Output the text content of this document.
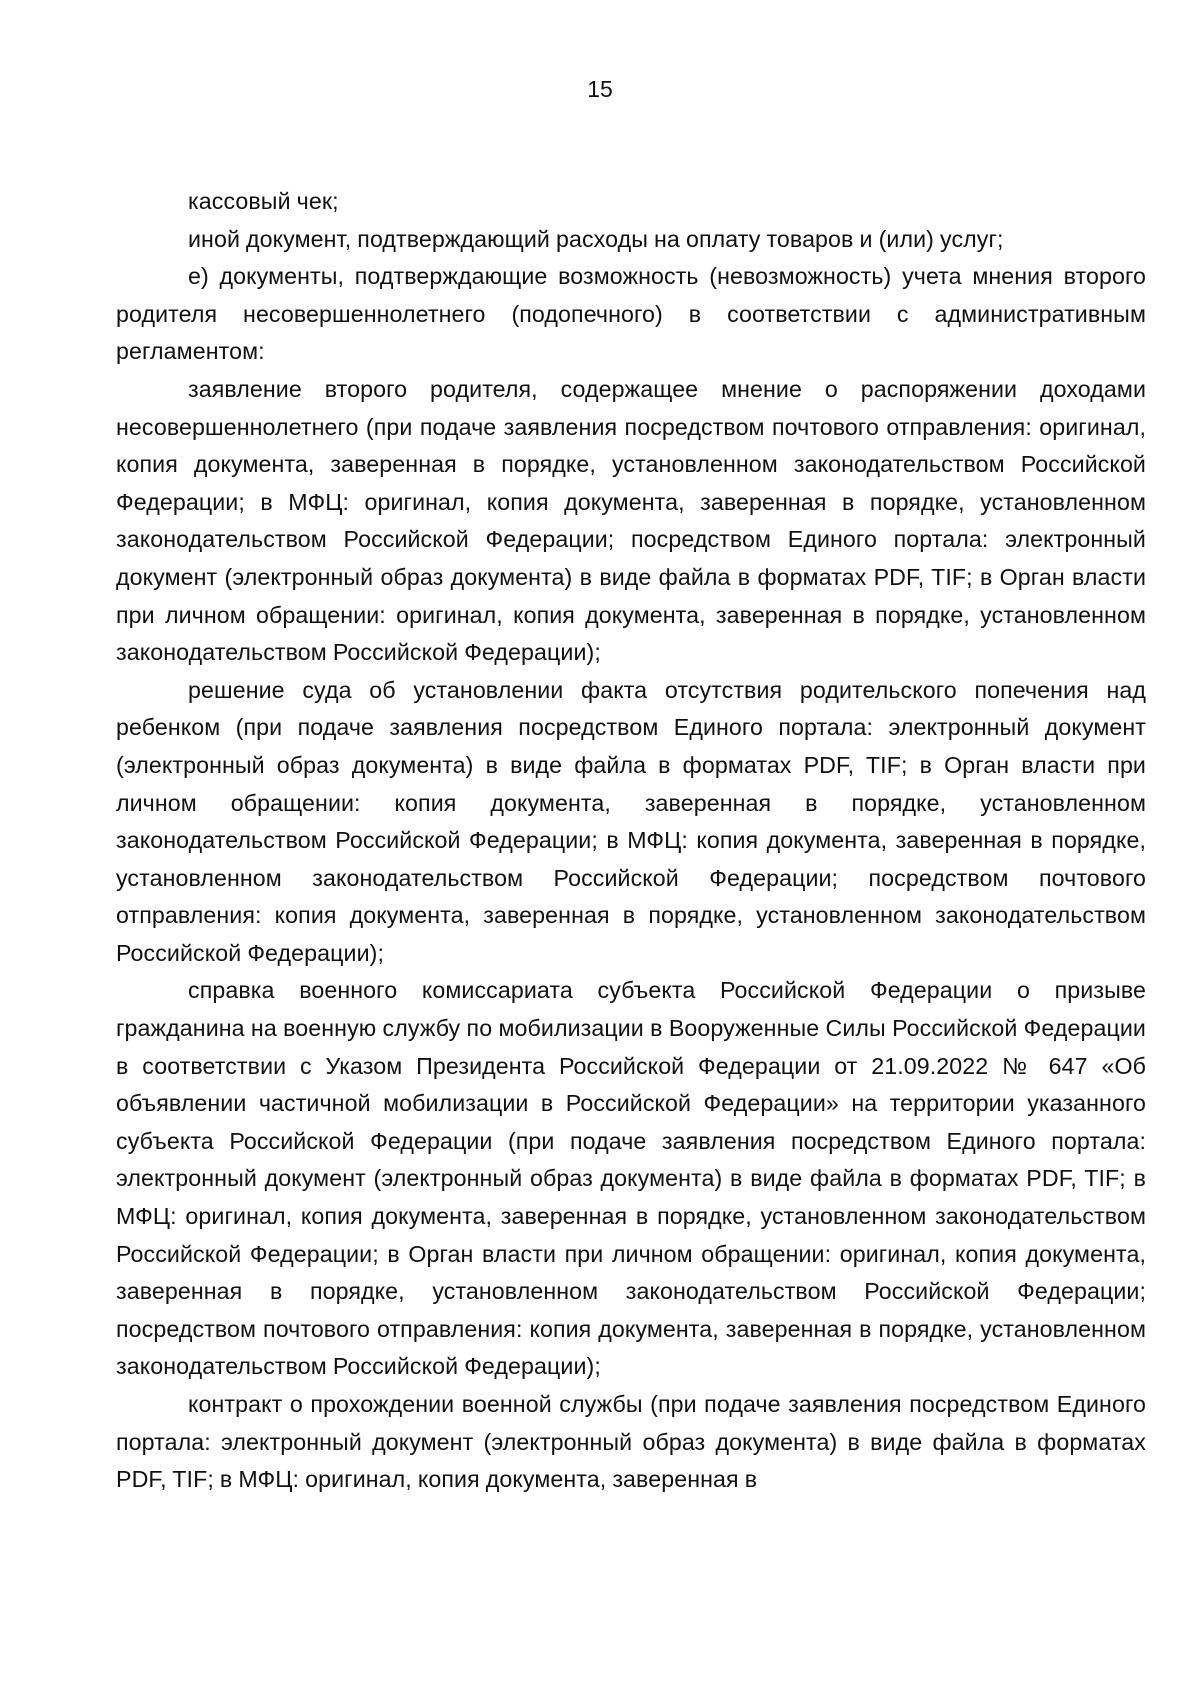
15

кассовый чек;

иной документ, подтверждающий расходы на оплату товаров и (или) услуг;

е) документы, подтверждающие возможность (невозможность) учета мнения второго родителя несовершеннолетнего (подопечного) в соответствии с административным регламентом:

заявление второго родителя, содержащее мнение о распоряжении доходами несовершеннолетнего (при подаче заявления посредством почтового отправления: оригинал, копия документа, заверенная в порядке, установленном законодательством Российской Федерации; в МФЦ: оригинал, копия документа, заверенная в порядке, установленном законодательством Российской Федерации; посредством Единого портала: электронный документ (электронный образ документа) в виде файла в форматах PDF, TIF; в Орган власти при личном обращении: оригинал, копия документа, заверенная в порядке, установленном законодательством Российской Федерации);

решение суда об установлении факта отсутствия родительского попечения над ребенком (при подаче заявления посредством Единого портала: электронный документ (электронный образ документа) в виде файла в форматах PDF, TIF; в Орган власти при личном обращении: копия документа, заверенная в порядке, установленном законодательством Российской Федерации; в МФЦ: копия документа, заверенная в порядке, установленном законодательством Российской Федерации; посредством почтового отправления: копия документа, заверенная в порядке, установленном законодательством Российской Федерации);

справка военного комиссариата субъекта Российской Федерации о призыве гражданина на военную службу по мобилизации в Вооруженные Силы Российской Федерации в соответствии с Указом Президента Российской Федерации от 21.09.2022 № 647 «Об объявлении частичной мобилизации в Российской Федерации» на территории указанного субъекта Российской Федерации (при подаче заявления посредством Единого портала: электронный документ (электронный образ документа) в виде файла в форматах PDF, TIF; в МФЦ: оригинал, копия документа, заверенная в порядке, установленном законодательством Российской Федерации; в Орган власти при личном обращении: оригинал, копия документа, заверенная в порядке, установленном законодательством Российской Федерации; посредством почтового отправления: копия документа, заверенная в порядке, установленном законодательством Российской Федерации);

контракт о прохождении военной службы (при подаче заявления посредством Единого портала: электронный документ (электронный образ документа) в виде файла в форматах PDF, TIF; в МФЦ: оригинал, копия документа, заверенная в
